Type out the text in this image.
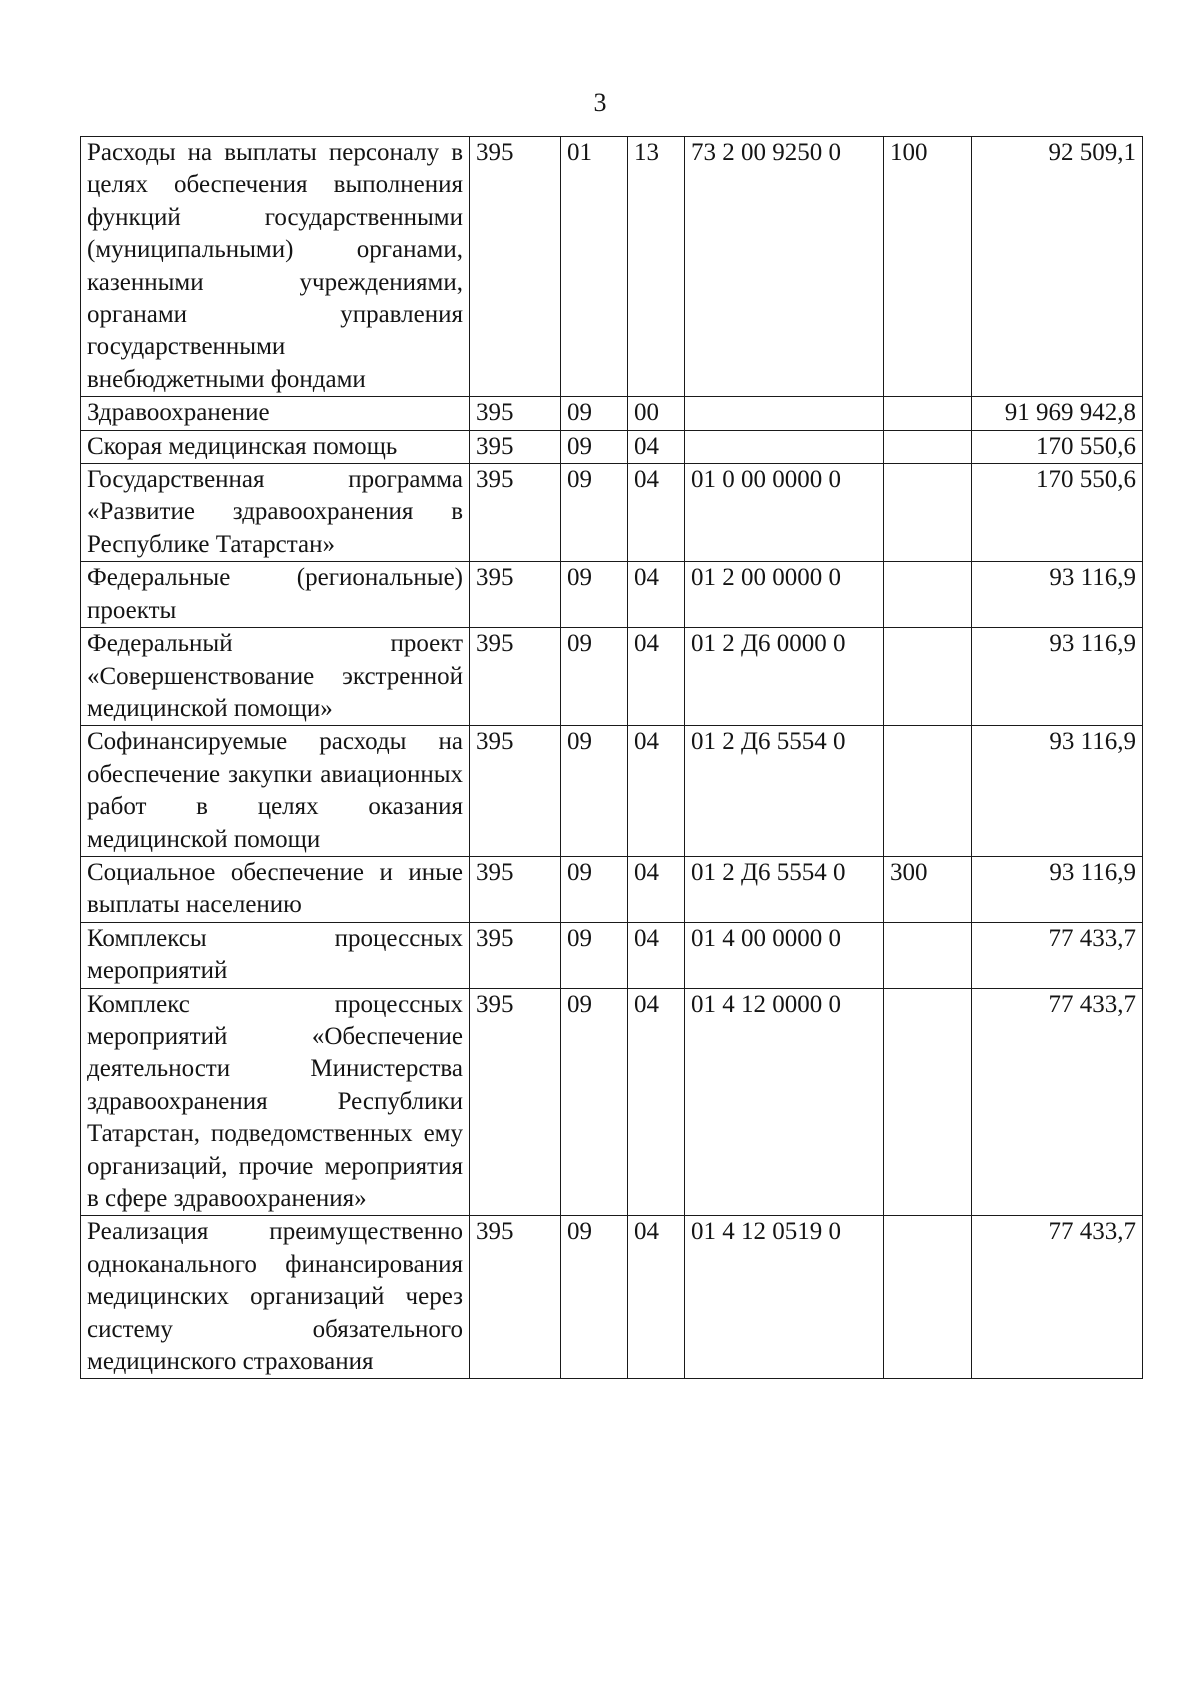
3
Расходы на выплаты персоналу в целях обеспечения выполнения функций государственными (муниципальными) органами, казенными учреждениями, органами управления государственными внебюджетными фондами	395	01	13	73 2 00 9250 0	100	92 509,1
Здравоохранение	395	09	00			91 969 942,8
Скорая медицинская помощь	395	09	04			170 550,6
Государственная программа «Развитие здравоохранения в Республике Татарстан»	395	09	04	01 0 00 0000 0		170 550,6
Федеральные (региональные) проекты	395	09	04	01 2 00 0000 0		93 116,9
Федеральный проект «Совершенствование экстренной медицинской помощи»	395	09	04	01 2 Д6 0000 0		93 116,9
Софинансируемые расходы на обеспечение закупки авиационных работ в целях оказания медицинской помощи	395	09	04	01 2 Д6 5554 0		93 116,9
Социальное обеспечение и иные выплаты населению	395	09	04	01 2 Д6 5554 0	300	93 116,9
Комплексы процессных мероприятий	395	09	04	01 4 00 0000 0		77 433,7
Комплекс процессных мероприятий «Обеспечение деятельности Министерства здравоохранения Республики Татарстан, подведомственных ему организаций, прочие мероприятия в сфере здравоохранения»	395	09	04	01 4 12 0000 0		77 433,7
Реализация преимущественно одноканального финансирования медицинских организаций через систему обязательного медицинского страхования	395	09	04	01 4 12 0519 0		77 433,7
